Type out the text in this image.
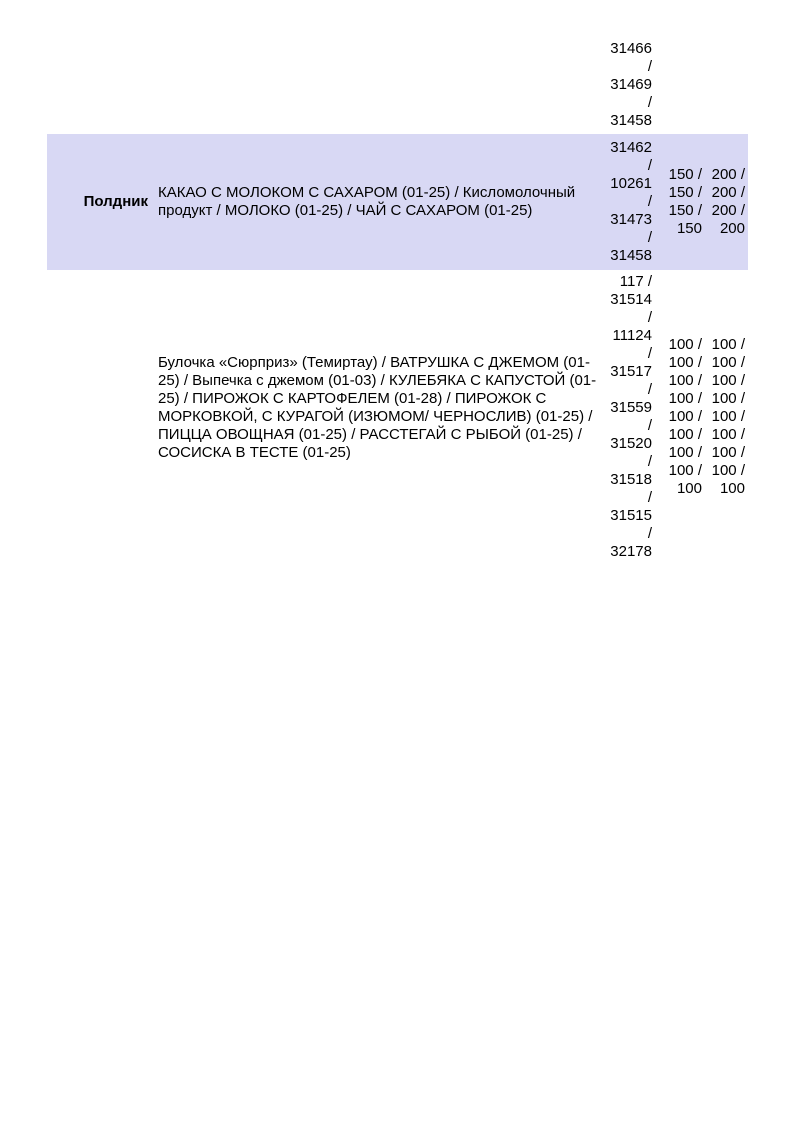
31466
/
31469
/
31458
Полдник
КАКАО С МОЛОКОМ С САХАРОМ (01-25) / Кисломолочный продукт / МОЛОКО (01-25) / ЧАЙ С САХАРОМ (01-25)
31462
/
10261
/
31473
/
31458
150 /
150 /
150 /
150
200 /
200 /
200 /
200
Булочка «Сюрприз» (Темиртау) / ВАТРУШКА С ДЖЕМОМ (01-25) / Выпечка с джемом (01-03) / КУЛЕБЯКА С КАПУСТОЙ (01-25) / ПИРОЖОК С КАРТОФЕЛЕМ (01-28) / ПИРОЖОК С МОРКОВКОЙ, С КУРАГОЙ (ИЗЮМОМ/ ЧЕРНОСЛИВ) (01-25) / ПИЦЦА ОВОЩНАЯ (01-25) / РАССТЕГАЙ С РЫБОЙ (01-25) / СОСИСКА В ТЕСТЕ (01-25)
117 /
31514
/
11124
/
31517
/
31559
/
31520
/
31518
/
31515
/
32178
100 /
100 /
100 /
100 /
100 /
100 /
100 /
100 /
100
100 /
100 /
100 /
100 /
100 /
100 /
100 /
100 /
100
